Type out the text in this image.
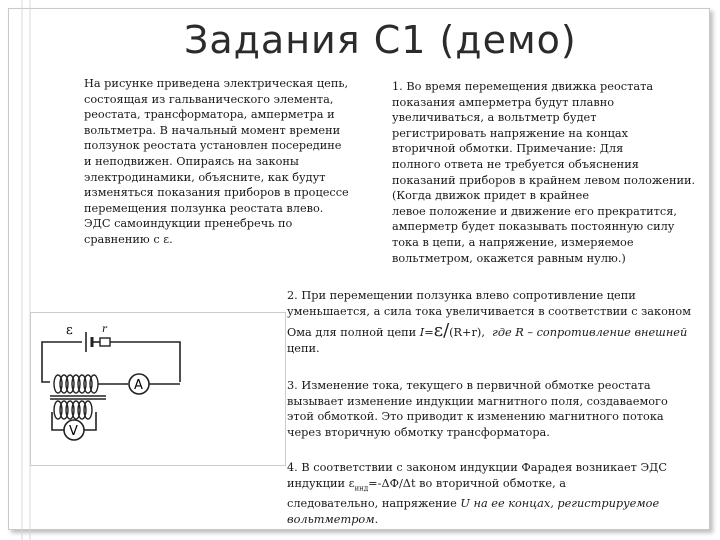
Задания С1 (демо)
На рисунке приведена электрическая цепь,
состоящая из гальванического элемента,
реостата, трансформатора, амперметра и
вольтметра. В начальный момент времени
ползунок реостата установлен посередине
и неподвижен. Опираясь на законы
электродинамики, объясните, как будут
изменяться показания приборов в процессе
перемещения ползунка реостата влево.
ЭДС самоиндукции пренебречь по
сравнению с ε.
1. Во время перемещения движка реостата
показания амперметра будут плавно
увеличиваться, а вольтметр будет
регистрировать напряжение на концах
вторичной обмотки. Примечание: Для
полного ответа не требуется объяснения
показаний приборов в крайнем левом положении.
(Когда движок придет в крайнее
левое положение и движение его прекратится,
амперметр будет показывать постоянную силу
тока в цепи, а напряжение, измеряемое
вольтметром, окажется равным нулю.)
2. При перемещении ползунка влево сопротивление цепи
уменьшается, а сила тока увеличивается в соответствии с законом
Ома для полной цепи I=ε/(R+r), где R – сопротивление внешней
цепи.
3. Изменение тока, текущего в первичной обмотке реостата
вызывает изменение индукции магнитного поля, создаваемого
этой обмоткой. Это приводит к изменению магнитного потока
через вторичную обмотку трансформатора.
4. В соответствии с законом индукции Фарадея возникает ЭДС
индукции $\varepsilon_{инд}=-\Delta Ф/\Delta t$ во вторичной обмотке, а
следовательно, напряжение U на ее концах, регистрируемое
вольтметром.
ε	r
A
V
